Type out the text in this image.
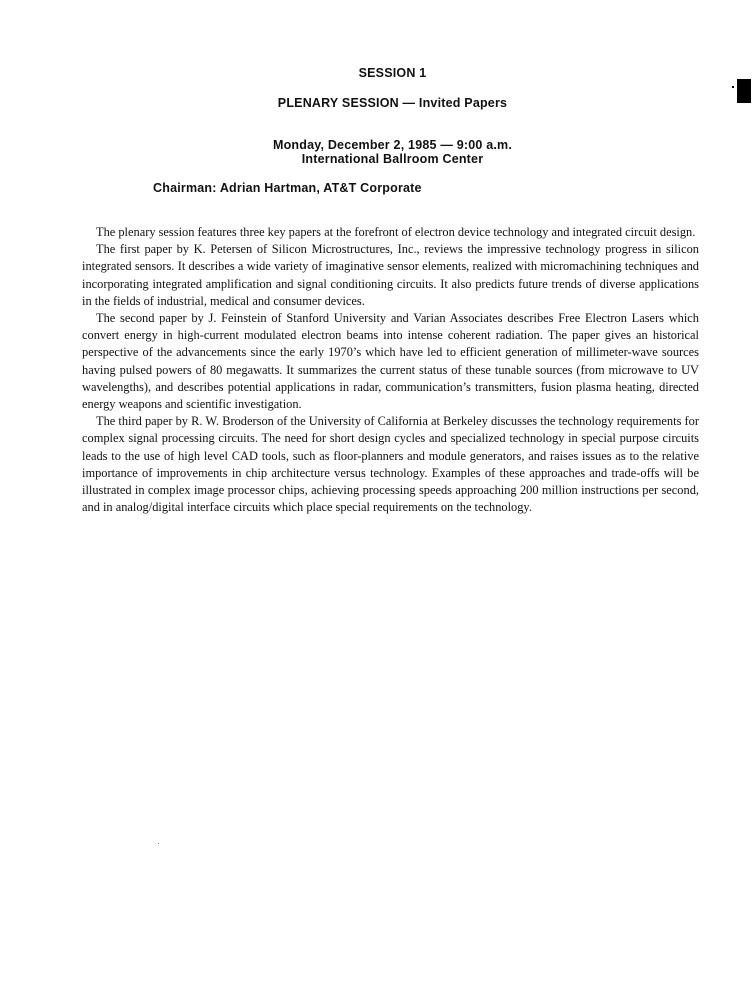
SESSION 1
PLENARY SESSION — Invited Papers
Monday, December 2, 1985 — 9:00 a.m.
International Ballroom Center
Chairman: Adrian Hartman, AT&T Corporate

The plenary session features three key papers at the forefront of electron device technology and integrated circuit design.

The first paper by K. Petersen of Silicon Microstructures, Inc., reviews the impressive technology progress in silicon integrated sensors. It describes a wide variety of imaginative sensor elements, realized with micromachining techniques and incorporating integrated amplification and signal conditioning circuits. It also predicts future trends of diverse applications in the fields of industrial, medical and consumer devices.

The second paper by J. Feinstein of Stanford University and Varian Associates describes Free Electron Lasers which convert energy in high-current modulated electron beams into intense coherent radiation. The paper gives an historical perspective of the advancements since the early 1970’s which have led to efficient generation of millimeter-wave sources having pulsed powers of 80 megawatts. It summarizes the current status of these tunable sources (from microwave to UV wavelengths), and describes potential applications in radar, communication’s transmitters, fusion plasma heating, directed energy weapons and scientific investigation.

The third paper by R. W. Broderson of the University of California at Berkeley discusses the technology requirements for complex signal processing circuits. The need for short design cycles and specialized technology in special purpose circuits leads to the use of high level CAD tools, such as floor-planners and module generators, and raises issues as to the relative importance of improvements in chip architecture versus technology. Examples of these approaches and trade-offs will be illustrated in complex image processor chips, achieving processing speeds approaching 200 million instructions per second, and in analog/digital interface circuits which place special requirements on the technology.
